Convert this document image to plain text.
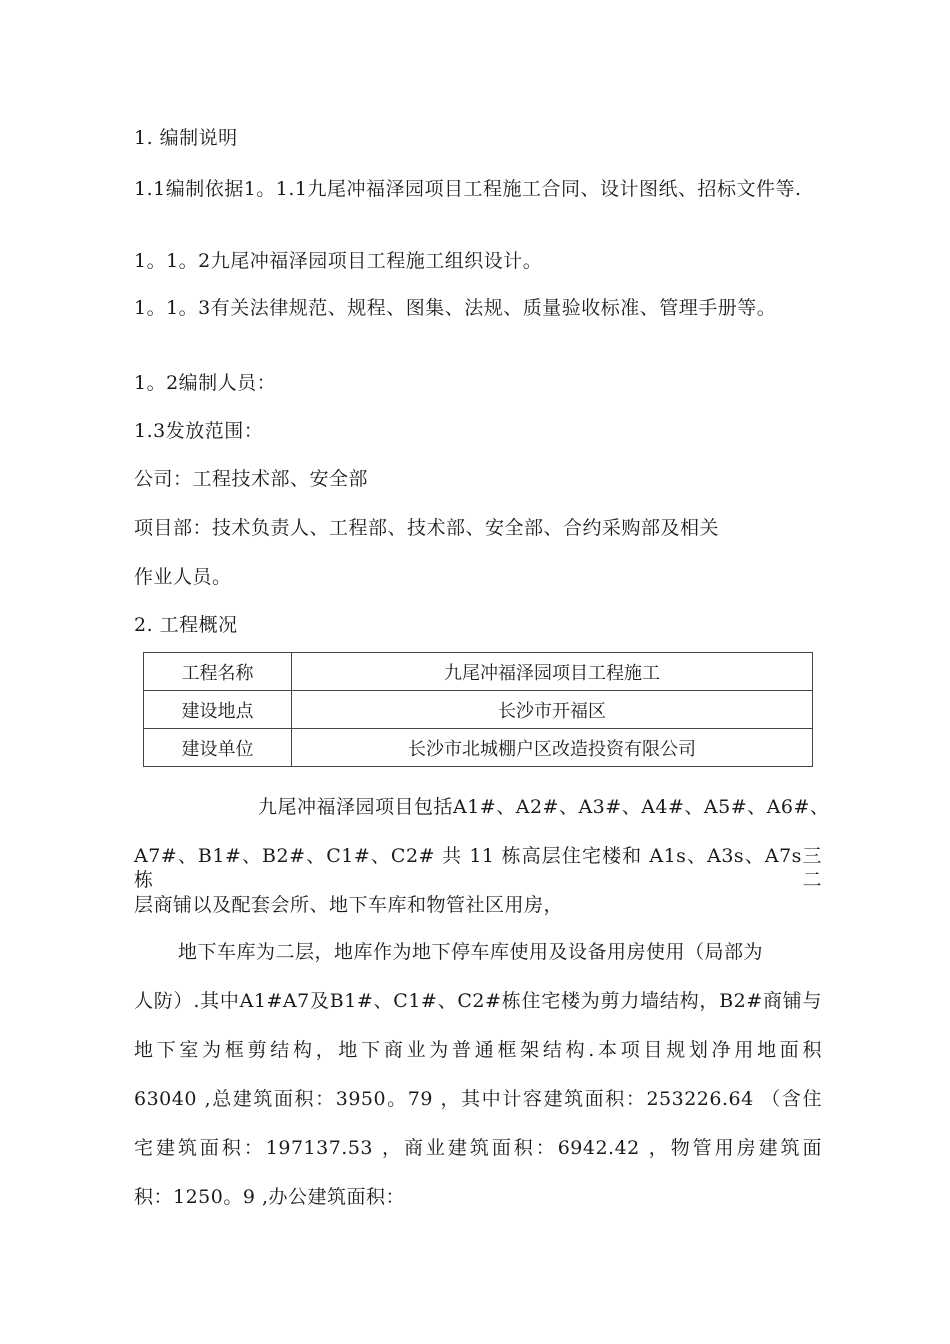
1. 编制说明
1.1编制依据1。1.1九尾冲福泽园项目工程施工合同、设计图纸、招标文件等.
1。1。2九尾冲福泽园项目工程施工组织设计。
1。1。3有关法律规范、规程、图集、法规、质量验收标准、管理手册等。
1。2编制人员：
1.3发放范围：
公司：工程技术部、安全部
项目部：技术负责人、工程部、技术部、安全部、合约采购部及相关
作业人员。
2. 工程概况
工程名称	九尾冲福泽园项目工程施工
建设地点	长沙市开福区
建设单位	长沙市北城棚户区改造投资有限公司
九尾冲福泽园项目包括A1#、A2#、A3#、A4#、A5#、A6#、
A7#、B1#、B2#、C1#、C2# 共 11 栋高层住宅楼和 A1s、A3s、A7s三栋二
层商铺以及配套会所、地下车库和物管社区用房，
地下车库为二层，地库作为地下停车库使用及设备用房使用（局部为
人防）.其中A1#A7及B1#、C1#、C2#栋住宅楼为剪力墙结构，B2#商铺与
地下室为框剪结构，地下商业为普通框架结构.本项目规划净用地面积
63040 ,总建筑面积：3950。79 ，其中计容建筑面积：253226.64 （含住
宅建筑面积：197137.53 ，商业建筑面积：6942.42 ，物管用房建筑面
积：1250。9 ,办公建筑面积：
